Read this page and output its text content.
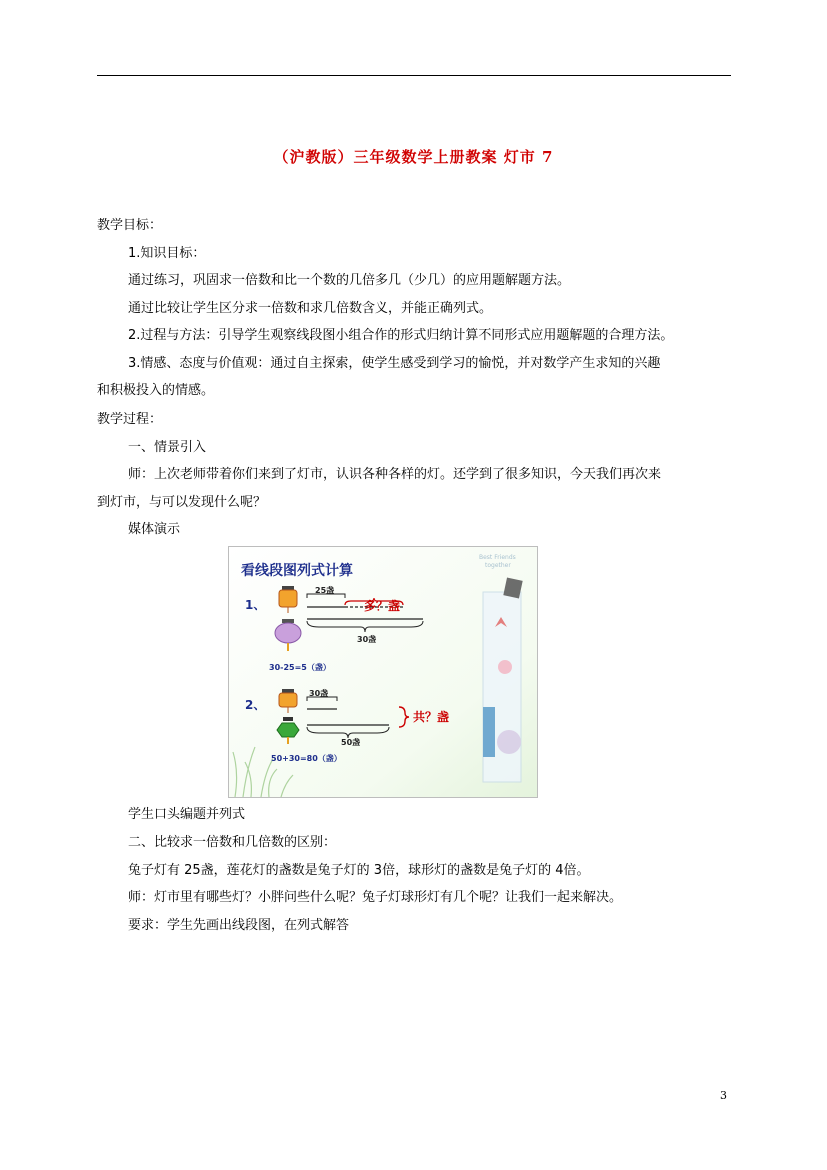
（沪教版）三年级数学上册教案 灯市 7
教学目标：
1.知识目标：
通过练习，巩固求一倍数和比一个数的几倍多几（少几）的应用题解题方法。
通过比较让学生区分求一倍数和求几倍数含义，并能正确列式。
2.过程与方法：引导学生观察线段图小组合作的形式归纳计算不同形式应用题解题的合理方法。
3.情感、态度与价值观：通过自主探索，使学生感受到学习的愉悦，并对数学产生求知的兴趣
和积极投入的情感。
教学过程：
一、情景引入
师：上次老师带着你们来到了灯市，认识各种各样的灯。还学到了很多知识，今天我们再次来
到灯市，与可以发现什么呢？
媒体演示
Best Friends
together
看线段图列式计算
1、
25盏
多？盏
30盏
30-25=5（盏）
2、
30盏
50盏
共？盏
50+30=80（盏）
学生口头编题并列式
二、比较求一倍数和几倍数的区别：
兔子灯有 25盏，莲花灯的盏数是兔子灯的 3倍，球形灯的盏数是兔子灯的 4倍。
师：灯市里有哪些灯？小胖问些什么呢？兔子灯球形灯有几个呢？让我们一起来解决。
要求：学生先画出线段图，在列式解答
3
